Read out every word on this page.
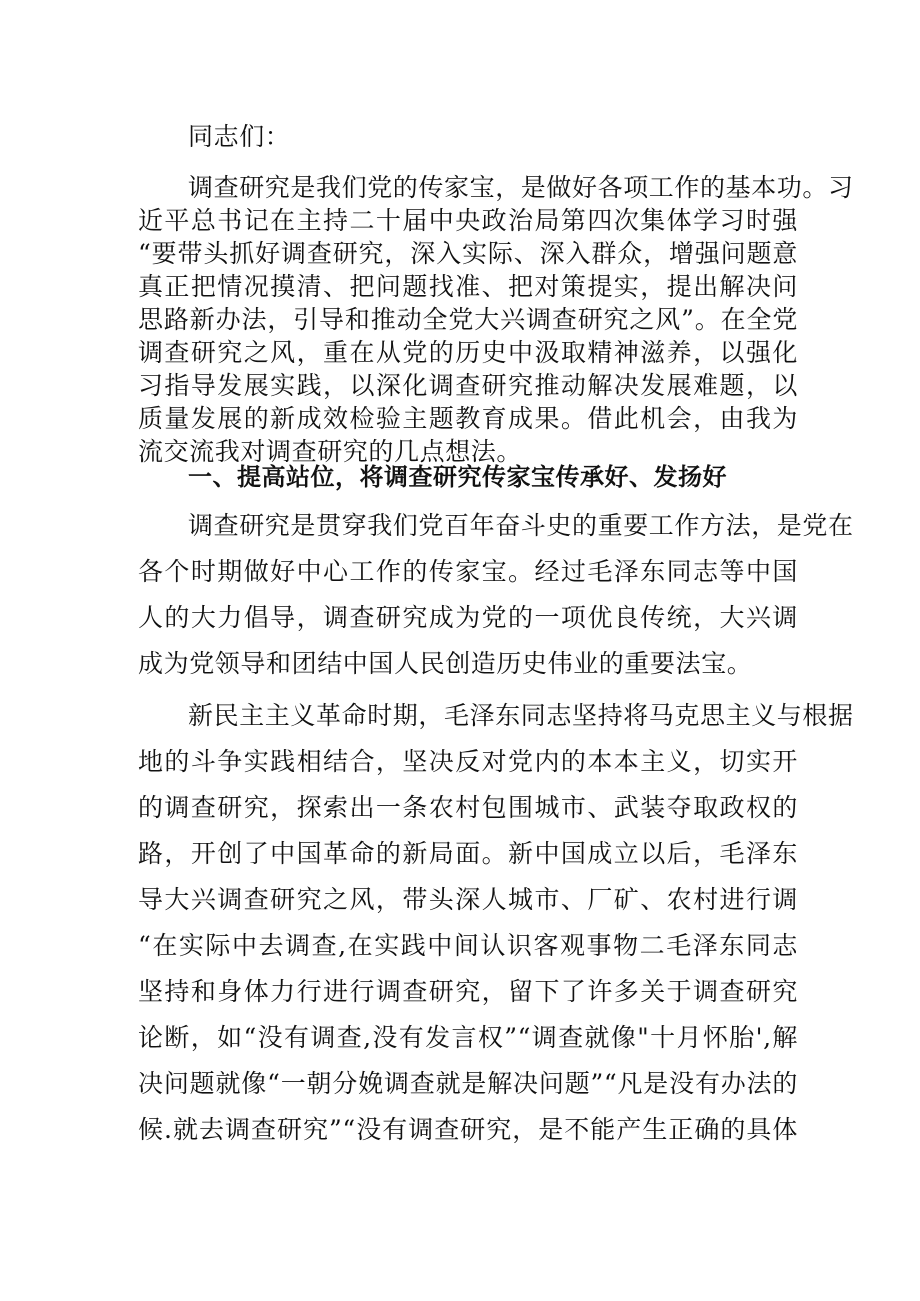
同志们：
调查研究是我们党的传家宝，是做好各项工作的基本功。习
近平总书记在主持二十届中央政治局第四次集体学习时强
“要带头抓好调查研究，深入实际、深入群众，增强问题意
真正把情况摸清、把问题找准、把对策提实，提出解决问
思路新办法，引导和推动全党大兴调查研究之风”。在全党
调查研究之风，重在从党的历史中汲取精神滋养，以强化
习指导发展实践，以深化调查研究推动解决发展难题，以
质量发展的新成效检验主题教育成果。借此机会，由我为
流交流我对调查研究的几点想法。
一、提高站位，将调查研究传家宝传承好、发扬好
调查研究是贯穿我们党百年奋斗史的重要工作方法，是党在
各个时期做好中心工作的传家宝。经过毛泽东同志等中国
人的大力倡导，调查研究成为党的一项优良传统，大兴调
成为党领导和团结中国人民创造历史伟业的重要法宝。
新民主主义革命时期，毛泽东同志坚持将马克思主义与根据
地的斗争实践相结合，坚决反对党内的本本主义，切实开
的调查研究，探索出一条农村包围城市、武装夺取政权的
路，开创了中国革命的新局面。新中国成立以后，毛泽东
导大兴调查研究之风，带头深人城市、厂矿、农村进行调
“在实际中去调查,在实践中间认识客观事物二毛泽东同志
坚持和身体力行进行调查研究，留下了许多关于调查研究
论断，如“没有调查,没有发言权”“调查就像"十月怀胎',解
决问题就像“一朝分娩调查就是解决问题”“凡是没有办法的
候.就去调查研究”“没有调查研究，是不能产生正确的具体
